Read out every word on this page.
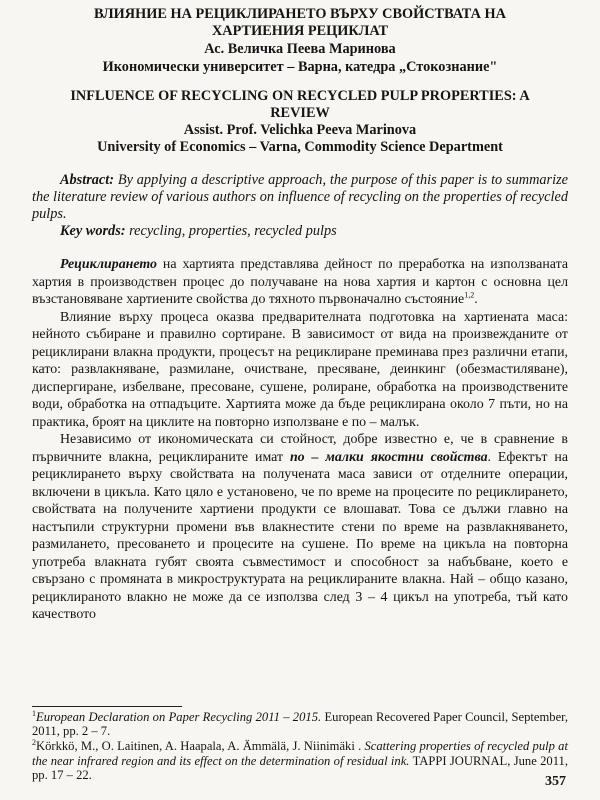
ВЛИЯНИЕ НА РЕЦИКЛИРАНЕТО ВЪРХУ СВОЙСТВАТА НА
ХАРТИЕНИЯ РЕЦИКЛАТ
Ас. Величка Пеева Маринова
Икономически университет – Варна, катедра „Стокознание"
INFLUENCE OF RECYCLING ON RECYCLED PULP PROPERTIES: A
REVIEW
Assist. Prof. Velichka Peeva Marinova
University of Economics – Varna, Commodity Science Department
Abstract: By applying a descriptive approach, the purpose of this paper is to summarize the literature review of various authors on influence of recycling on the properties of recycled pulps.
Key words: recycling, properties, recycled pulps

Рециклирането на хартията представлява дейност по преработка на използваната хартия в производствен процес до получаване на нова хартия и картон с основна цел възстановяване хартиените свойства до тяхното първоначално състояние$^{1,2}$.

Влияние върху процеса оказва предварителната подготовка на хартиената маса: нейното събиране и правилно сортиране. В зависимост от вида на произвежданите от рециклирани влакна продукти, процесът на рециклиране преминава през различни етапи, като: развлакняване, размилане, очистване, пресяване, деинкинг (обезмастиляване), диспергиране, избелване, пресоване, сушене, ролиране, обработка на производствените води, обработка на отпадъците. Хартията може да бъде рециклирана около 7 пъти, но на практика, броят на циклите на повторно използване е по – малък.

Независимо от икономическата си стойност, добре известно е, че в сравнение в първичните влакна, рециклираните имат по – малки якостни свойства. Ефектът на рециклирането върху свойствата на получената маса зависи от отделните операции, включени в цикъла. Като цяло е установено, че по време на процесите по рециклирането, свойствата на получените хартиени продукти се влошават. Това се дължи главно на настъпили структурни промени във влакнестите стени по време на развлакняването, размилането, пресоването и процесите на сушене. По време на цикъла на повторна употреба влакната губят своята съвместимост и способност за набъбване, което е свързано с промяната в микроструктурата на рециклираните влакна. Най – общо казано, рециклираното влакно не може да се използва след 3 – 4 цикъл на употреба, тъй като качеството

$^1$European Declaration on Paper Recycling 2011 – 2015. European Recovered Paper Council, September, 2011, pp. 2 – 7.
$^2$Körkkö, M., O. Laitinen, A. Haapala, A. Ämmälä, J. Niinimäki . Scattering properties of recycled pulp at the near infrared region and its effect on the determination of residual ink. TAPPI JOURNAL, June 2011, pp. 17 – 22.	357
